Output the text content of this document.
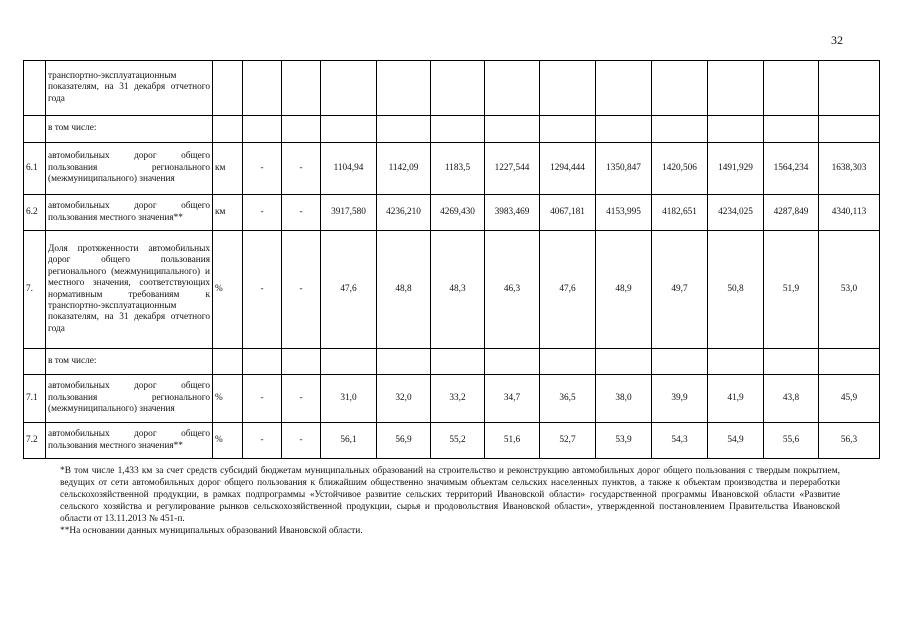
32
	транспортно-эксплуатационным показателям, на 31 декабря отчетного года													
	в том числе:													
6.1	автомобильных дорог общего пользования регионального (межмуниципального) значения	км	-	-	1104,94	1142,09	1183,5	1227,544	1294,444	1350,847	1420,506	1491,929	1564,234	1638,303
6.2	автомобильных дорог общего пользования местного значения**	км	-	-	3917,580	4236,210	4269,430	3983,469	4067,181	4153,995	4182,651	4234,025	4287,849	4340,113
7.	Доля протяженности автомобильных дорог общего пользования регионального (межмуниципального) и местного значения, соответствующих нормативным требованиям к транспортно-эксплуатационным показателям, на 31 декабря отчетного года	%	-	-	47,6	48,8	48,3	46,3	47,6	48,9	49,7	50,8	51,9	53,0
	в том числе:													
7.1	автомобильных дорог общего пользования регионального (межмуниципального) значения	%	-	-	31,0	32,0	33,2	34,7	36,5	38,0	39,9	41,9	43,8	45,9
7.2	автомобильных дорог общего пользования местного значения**	%	-	-	56,1	56,9	55,2	51,6	52,7	53,9	54,3	54,9	55,6	56,3

*В том числе 1,433 км за счет средств субсидий бюджетам муниципальных образований на строительство и реконструкцию автомобильных дорог общего пользования с твердым покрытием, ведущих от сети автомобильных дорог общего пользования к ближайшим общественно значимым объектам сельских населенных пунктов, а также к объектам производства и переработки сельскохозяйственной продукции, в рамках подпрограммы «Устойчивое развитие сельских территорий Ивановской области» государственной программы Ивановской области «Развитие сельского хозяйства и регулирование рынков сельскохозяйственной продукции, сырья и продовольствия Ивановской области», утвержденной постановлением Правительства Ивановской области от 13.11.2013 № 451-п.

**На основании данных муниципальных образований Ивановской области.
